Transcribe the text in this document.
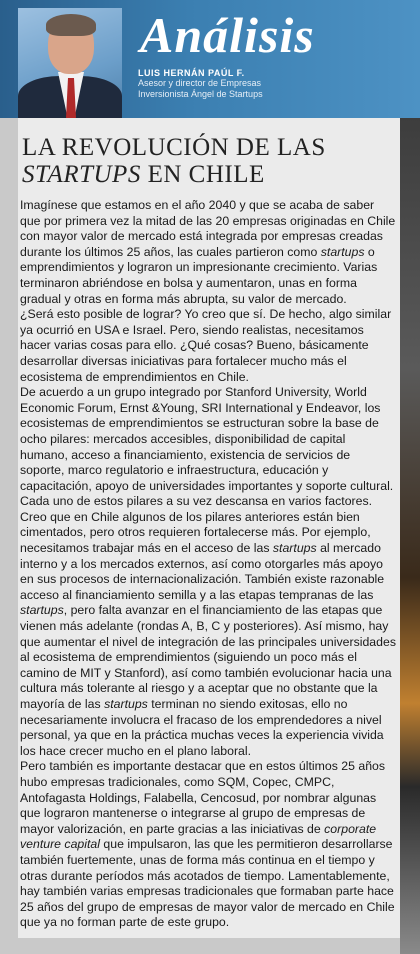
Análisis
LUIS HERNÁN PAÚL F.
Asesor y director de Empresas
Inversionista Ángel de Startups
LA REVOLUCIÓN DE LAS
STARTUPS EN CHILE

Imagínese que estamos en el año 2040 y que se acaba de saber que por primera vez la mitad de las 20 empresas originadas en Chile con mayor valor de mercado está integrada por empresas creadas durante los últimos 25 años, las cuales partieron como startups o emprendimientos y lograron un impresionante crecimiento. Varias terminaron abriéndose en bolsa y aumentaron, unas en forma gradual y otras en forma más abrupta, su valor de mercado.

¿Será esto posible de lograr? Yo creo que sí. De hecho, algo similar ya ocurrió en USA e Israel. Pero, siendo realistas, necesitamos hacer varias cosas para ello. ¿Qué cosas? Bueno, básicamente desarrollar diversas iniciativas para fortalecer mucho más el ecosistema de emprendimientos en Chile.

De acuerdo a un grupo integrado por Stanford University, World Economic Forum, Ernst &Young, SRI International y Endeavor, los ecosistemas de emprendimientos se estructuran sobre la base de ocho pilares: mercados accesibles, disponibilidad de capital humano, acceso a financiamiento, existencia de servicios de soporte, marco regulatorio e infraestructura, educación y capacitación, apoyo de universidades importantes y soporte cultural. Cada uno de estos pilares a su vez descansa en varios factores.

Creo que en Chile algunos de los pilares anteriores están bien cimentados, pero otros requieren fortalecerse más. Por ejemplo, necesitamos trabajar más en el acceso de las startups al mercado interno y a los mercados externos, así como otorgarles más apoyo en sus procesos de internacionalización. También existe razonable acceso al financiamiento semilla y a las etapas tempranas de las startups, pero falta avanzar en el financiamiento de las etapas que vienen más adelante (rondas A, B, C y posteriores). Así mismo, hay que aumentar el nivel de integración de las principales universidades al ecosistema de emprendimientos (siguiendo un poco más el camino de MIT y Stanford), así como también evolucionar hacia una cultura más tolerante al riesgo y a aceptar que no obstante que la mayoría de las startups terminan no siendo exitosas, ello no necesariamente involucra el fracaso de los emprendedores a nivel personal, ya que en la práctica muchas veces la experiencia vivida los hace crecer mucho en el plano laboral.

Pero también es importante destacar que en estos últimos 25 años hubo empresas tradicionales, como SQM, Copec, CMPC, Antofagasta Holdings, Falabella, Cencosud, por nombrar algunas que lograron mantenerse o integrarse al grupo de empresas de mayor valorización, en parte gracias a las iniciativas de corporate venture capital que impulsaron, las que les permitieron desarrollarse también fuertemente, unas de forma más continua en el tiempo y otras durante períodos más acotados de tiempo. Lamentablemente, hay también varias empresas tradicionales que formaban parte hace 25 años del grupo de empresas de mayor valor de mercado en Chile que ya no forman parte de este grupo.
